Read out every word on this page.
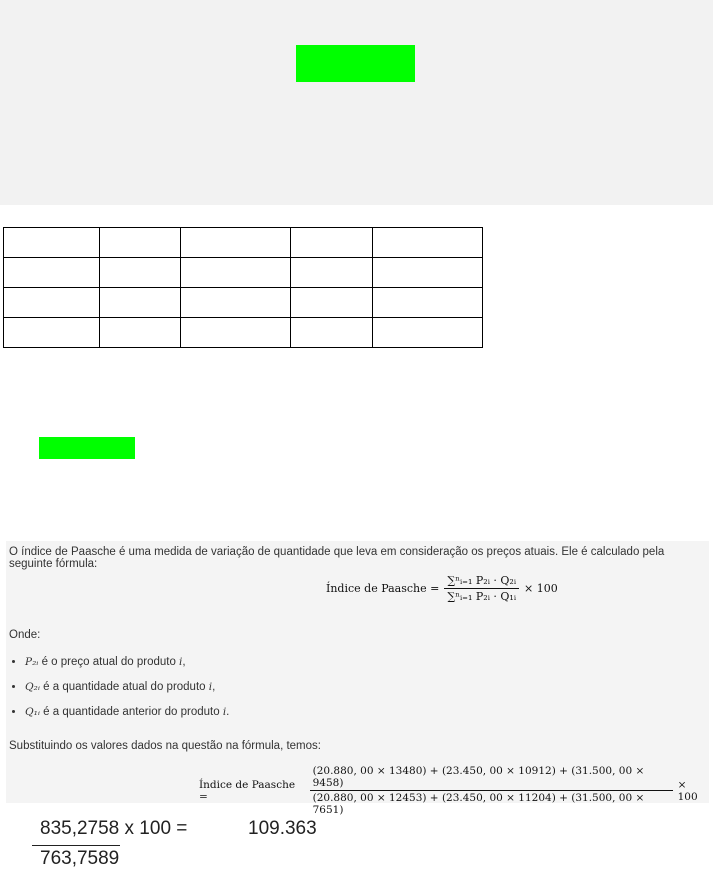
O índice de Paasche é uma medida de variação de quantidade que leva em consideração os preços atuais. Ele é calculado pela seguinte fórmula:

Índice de Paasche = $\frac{\text{∑ⁿᵢ₌₁ P₂ᵢ · Q₂ᵢ}}{\text{∑ⁿᵢ₌₁ P₂ᵢ · Q₁ᵢ}} \times 100$

Onde:

• P₂ᵢ é o preço atual do produto i,
• Q₂ᵢ é a quantidade atual do produto i,
• Q₁ᵢ é a quantidade anterior do produto i.

Substituindo os valores dados na questão na fórmula, temos:

Índice de Paasche =
(20.880, 00 × 13480) + (23.450, 00 × 10912) + (31.500, 00 × 9458)
(20.880, 00 × 12453) + (23.450, 00 × 11204) + (31.500, 00 × 7651)
× 100
835,2758 x 100 =
763,7589
109.363
